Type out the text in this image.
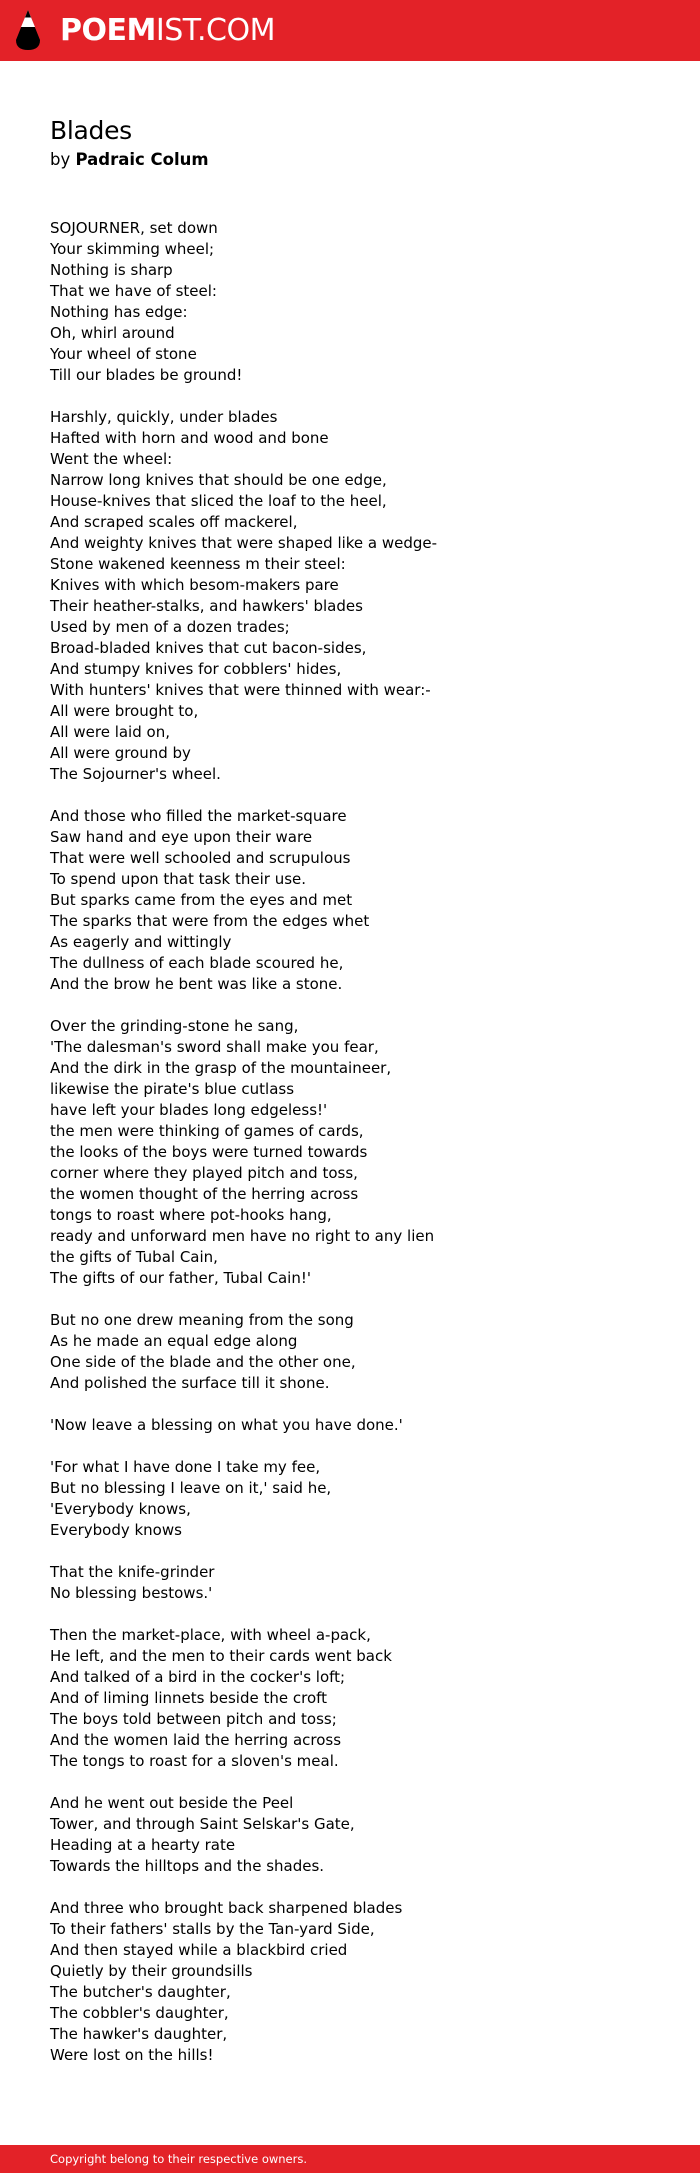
POEMIST.COM
Blades
by Padraic Colum
SOJOURNER, set down
Your skimming wheel;
Nothing is sharp
That we have of steel:
Nothing has edge:
Oh, whirl around
Your wheel of stone
Till our blades be ground!
Harshly, quickly, under blades
Hafted with horn and wood and bone
Went the wheel:
Narrow long knives that should be one edge,
House-knives that sliced the loaf to the heel,
And scraped scales off mackerel,
And weighty knives that were shaped like a wedge-
Stone wakened keenness m their steel:
Knives with which besom-makers pare
Their heather-stalks, and hawkers' blades
Used by men of a dozen trades;
Broad-bladed knives that cut bacon-sides,
And stumpy knives for cobblers' hides,
With hunters' knives that were thinned with wear:-
All were brought to,
All were laid on,
All were ground by
The Sojourner's wheel.
And those who filled the market-square
Saw hand and eye upon their ware
That were well schooled and scrupulous
To spend upon that task their use.
But sparks came from the eyes and met
The sparks that were from the edges whet
As eagerly and wittingly
The dullness of each blade scoured he,
And the brow he bent was like a stone.
Over the grinding-stone he sang,
'The dalesman's sword shall make you fear,
And the dirk in the grasp of the mountaineer,
likewise the pirate's blue cutlass
have left your blades long edgeless!'
the men were thinking of games of cards,
the looks of the boys were turned towards
corner where they played pitch and toss,
the women thought of the herring across
tongs to roast where pot-hooks hang,
ready and unforward men have no right to any lien
the gifts of Tubal Cain,
The gifts of our father, Tubal Cain!'
But no one drew meaning from the song
As he made an equal edge along
One side of the blade and the other one,
And polished the surface till it shone.
'Now leave a blessing on what you have done.'
'For what I have done I take my fee,
But no blessing I leave on it,' said he,
'Everybody knows,
Everybody knows
That the knife-grinder
No blessing bestows.'
Then the market-place, with wheel a-pack,
He left, and the men to their cards went back
And talked of a bird in the cocker's loft;
And of liming linnets beside the croft
The boys told between pitch and toss;
And the women laid the herring across
The tongs to roast for a sloven's meal.
And he went out beside the Peel
Tower, and through Saint Selskar's Gate,
Heading at a hearty rate
Towards the hilltops and the shades.
And three who brought back sharpened blades
To their fathers' stalls by the Tan-yard Side,
And then stayed while a blackbird cried
Quietly by their groundsills
The butcher's daughter,
The cobbler's daughter,
The hawker's daughter,
Were lost on the hills!
Copyright belong to their respective owners.
